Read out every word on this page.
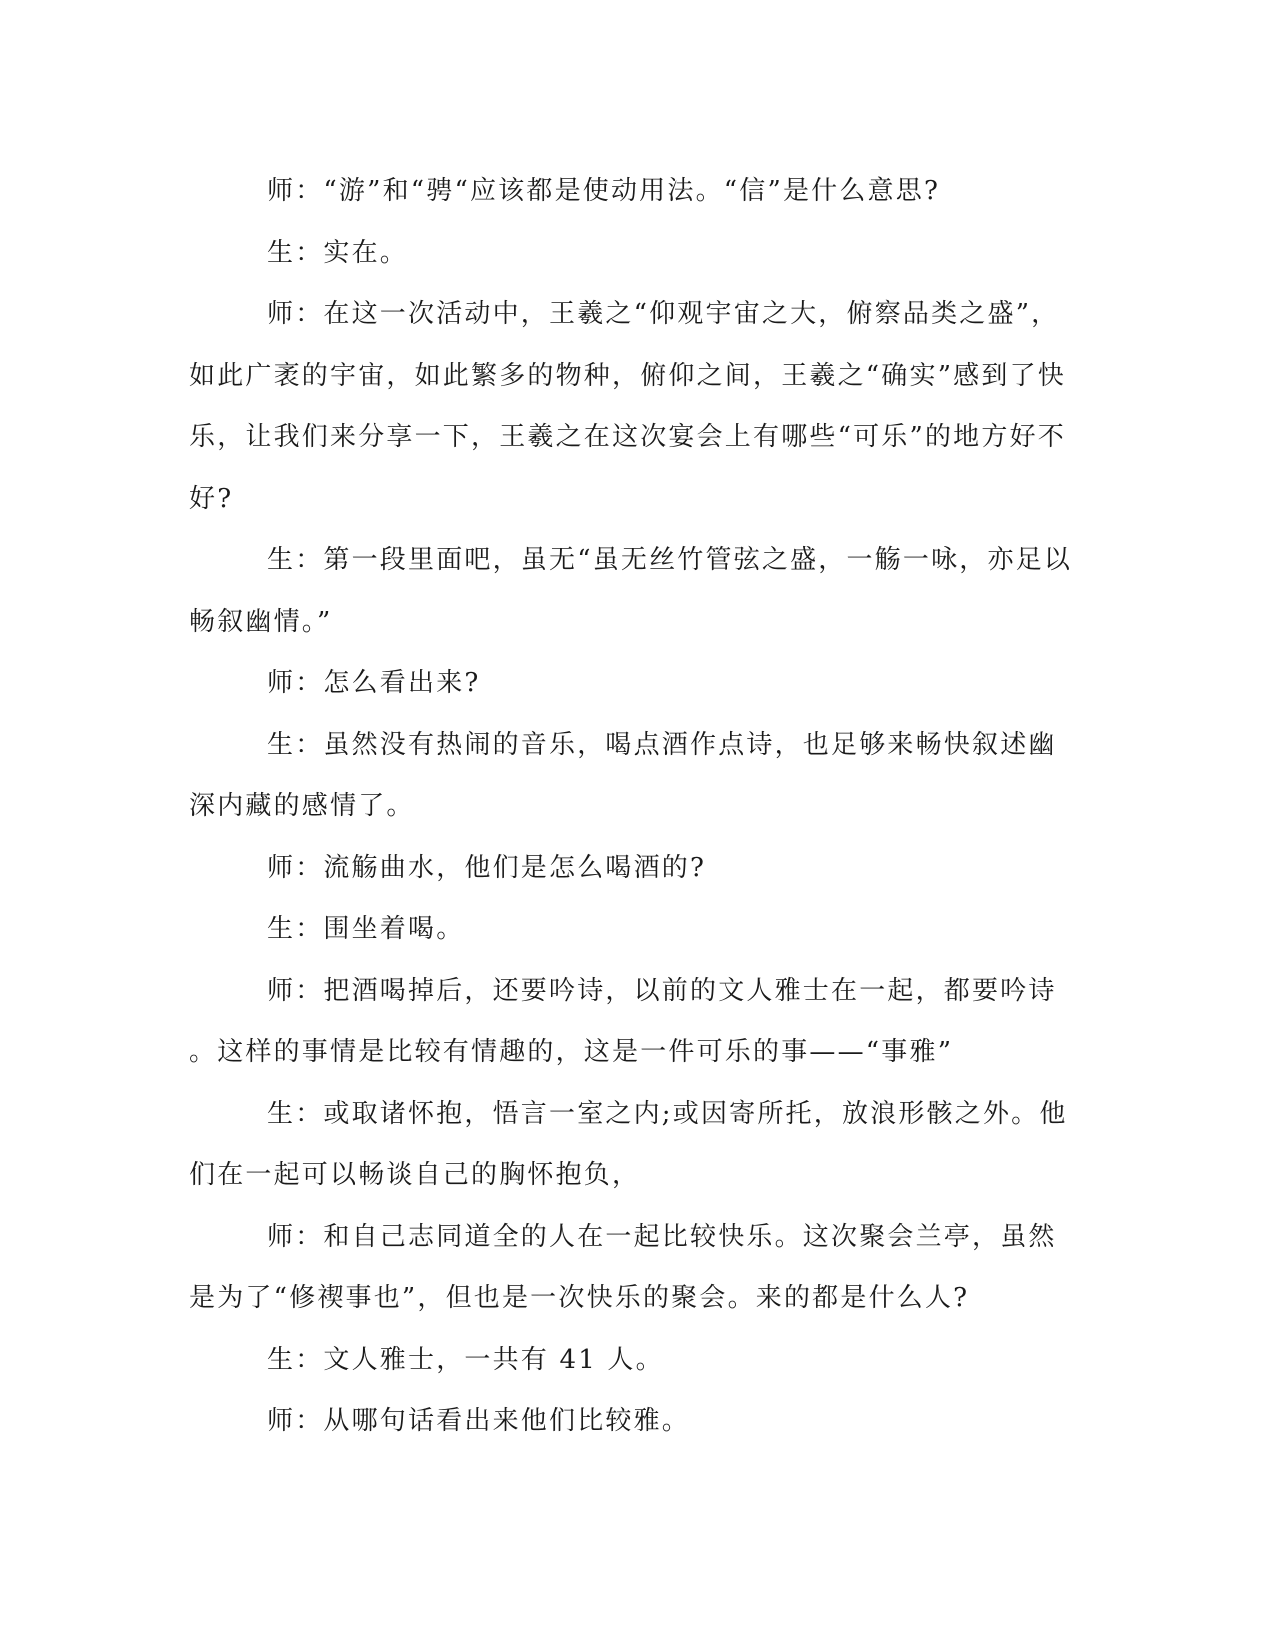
师：“游”和“骋“应该都是使动用法。“信”是什么意思?

生：实在。

师：在这一次活动中，王羲之“仰观宇宙之大，俯察品类之盛”，如此广袤的宇宙，如此繁多的物种，俯仰之间，王羲之“确实”感到了快乐，让我们来分享一下，王羲之在这次宴会上有哪些“可乐”的地方好不好?

生：第一段里面吧，虽无“虽无丝竹管弦之盛，一觞一咏，亦足以畅叙幽情。”

师：怎么看出来?

生：虽然没有热闹的音乐，喝点酒作点诗，也足够来畅快叙述幽深内藏的感情了。

师：流觞曲水，他们是怎么喝酒的?

生：围坐着喝。

师：把酒喝掉后，还要吟诗，以前的文人雅士在一起，都要吟诗

。这样的事情是比较有情趣的，这是一件可乐的事——“事雅”

生：或取诸怀抱，悟言一室之内;或因寄所托，放浪形骸之外。他们在一起可以畅谈自己的胸怀抱负，

师：和自己志同道全的人在一起比较快乐。这次聚会兰亭，虽然是为了“修禊事也”，但也是一次快乐的聚会。来的都是什么人?

生：文人雅士，一共有 41 人。

师：从哪句话看出来他们比较雅。
